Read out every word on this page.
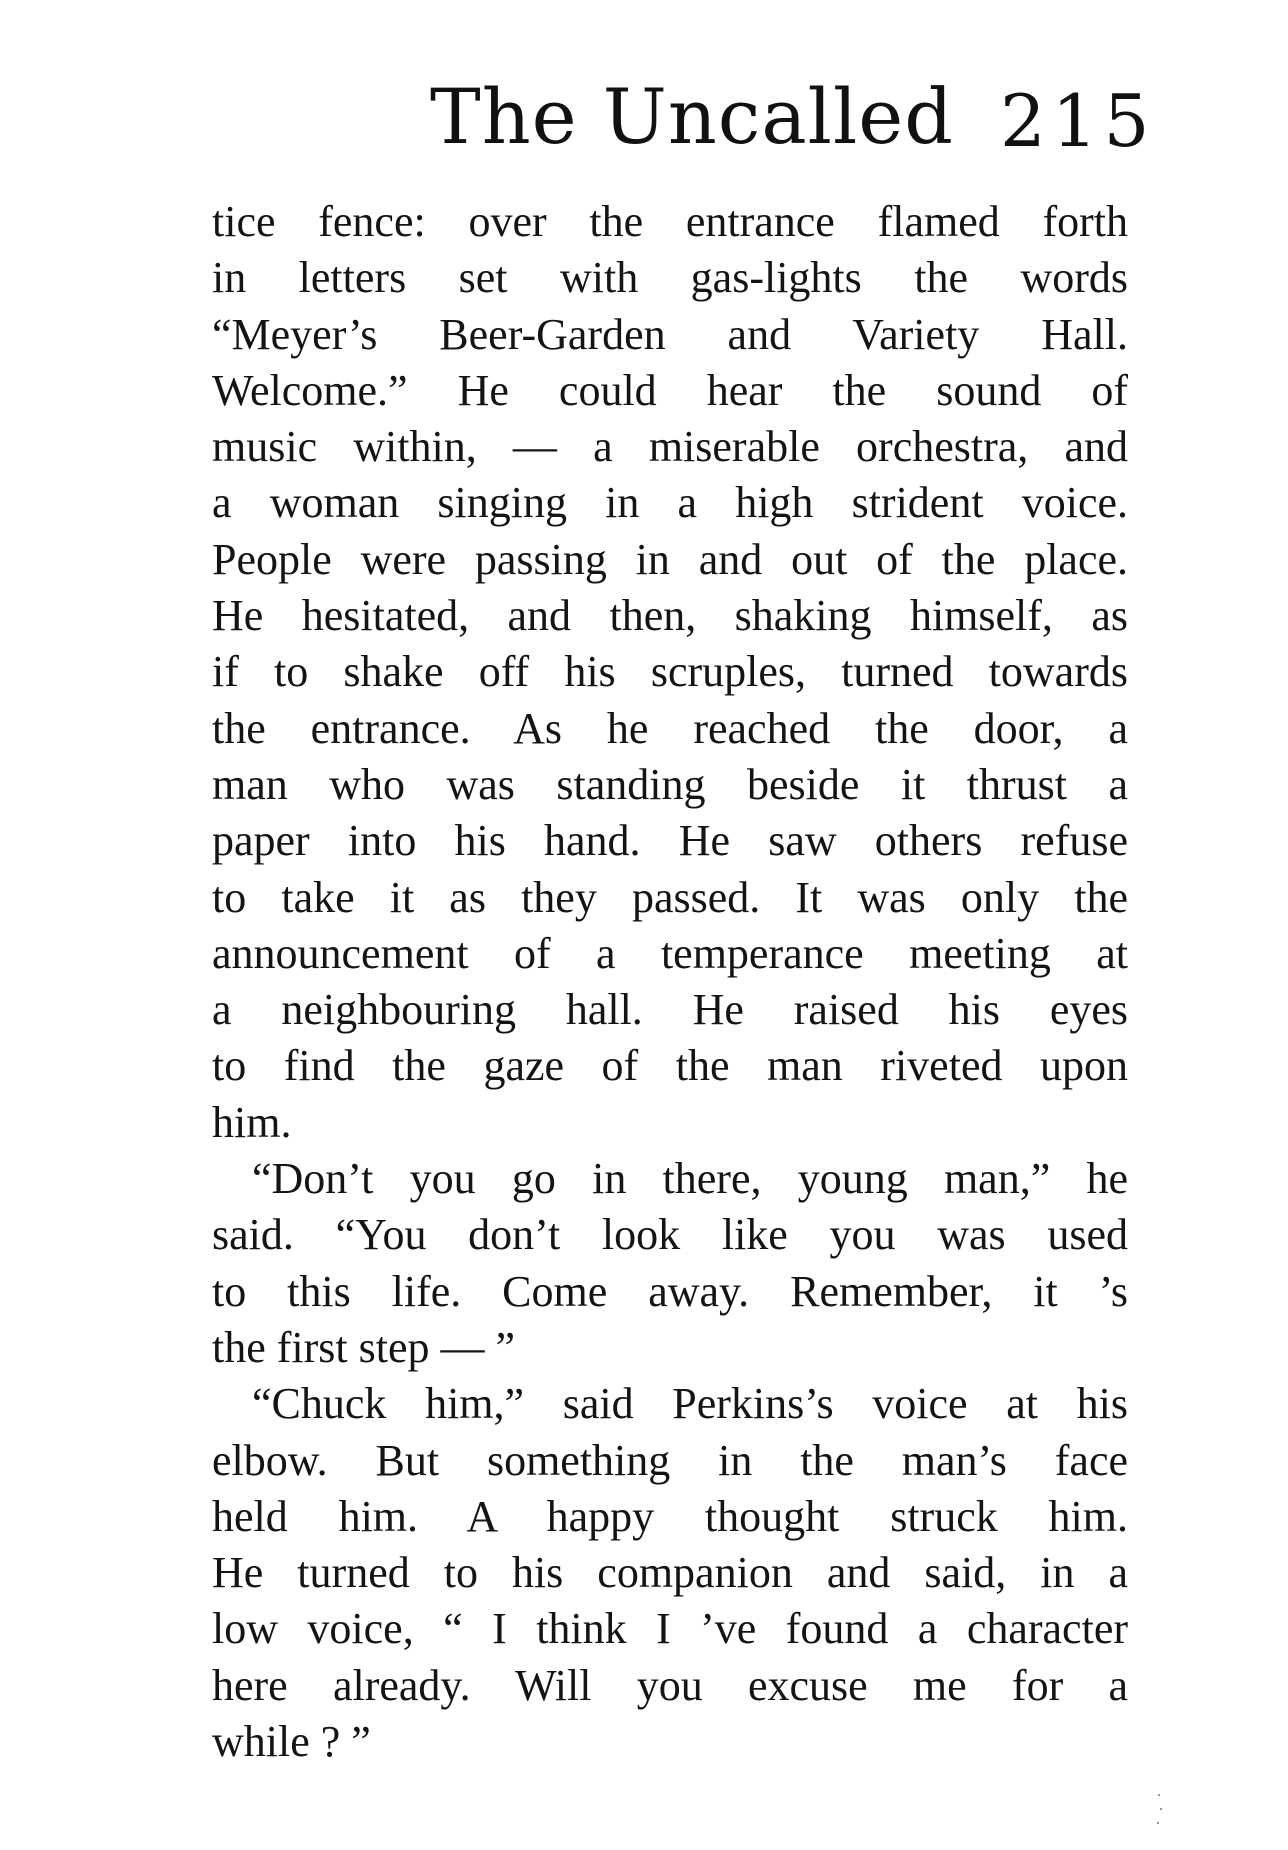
The Uncalled 215
tice fence: over the entrance flamed forth
in letters set with gas-lights the words
“Meyer’s Beer-Garden and Variety Hall.
Welcome.” He could hear the sound of
music within, — a miserable orchestra, and
a woman singing in a high strident voice.
People were passing in and out of the place.
He hesitated, and then, shaking himself, as
if to shake off his scruples, turned towards
the entrance. As he reached the door, a
man who was standing beside it thrust a
paper into his hand. He saw others refuse
to take it as they passed. It was only the
announcement of a temperance meeting at
a neighbouring hall. He raised his eyes
to find the gaze of the man riveted upon
him.
“Don’t you go in there, young man,” he
said. “You don’t look like you was used
to this life. Come away. Remember, it ’s
the first step — ”
“Chuck him,” said Perkins’s voice at his
elbow. But something in the man’s face
held him. A happy thought struck him.
He turned to his companion and said, in a
low voice, “ I think I ’ve found a character
here already. Will you excuse me for a
while ? ”
